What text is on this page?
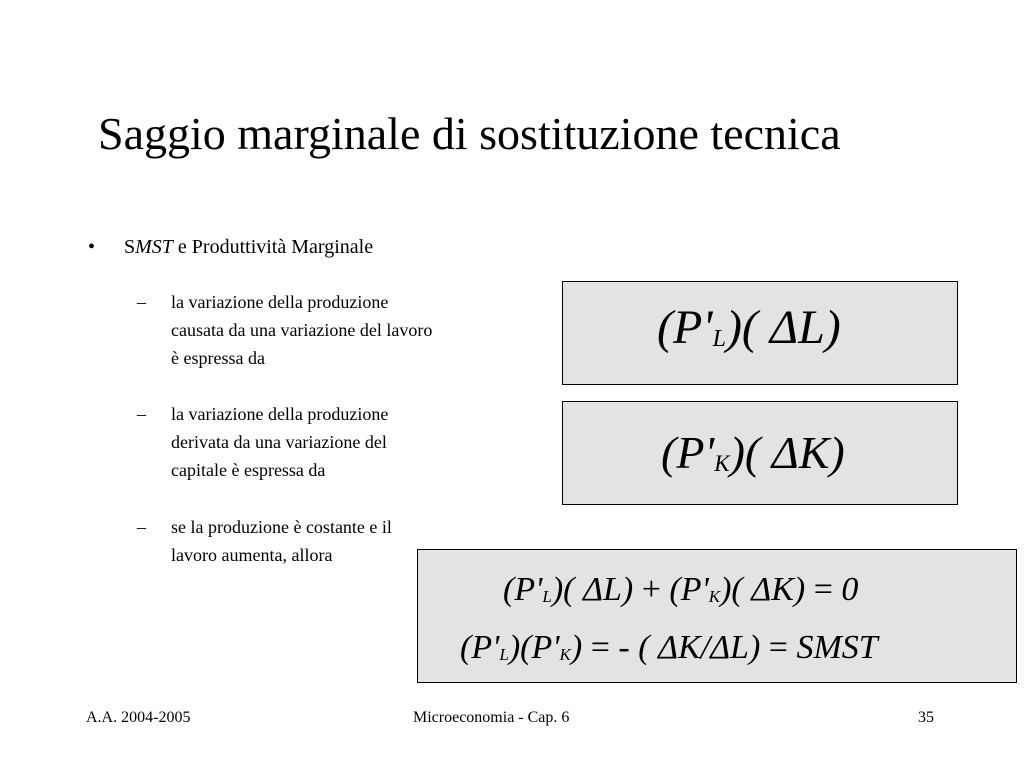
Saggio marginale di sostituzione tecnica
• SMST e Produttività Marginale
– la variazione della produzione
causata da una variazione del lavoro
è espressa da
– la variazione della produzione
derivata da una variazione del
capitale è espressa da
– se la produzione è costante e il
lavoro aumenta, allora
(P'L)( ΔL)
(P'K)( ΔK)
(P'L)( ΔL) + (P'K)( ΔK) = 0
(P'L)(P'K) = - ( ΔK/ΔL) = SMST
A.A. 2004-2005	Microeconomia - Cap. 6	35
